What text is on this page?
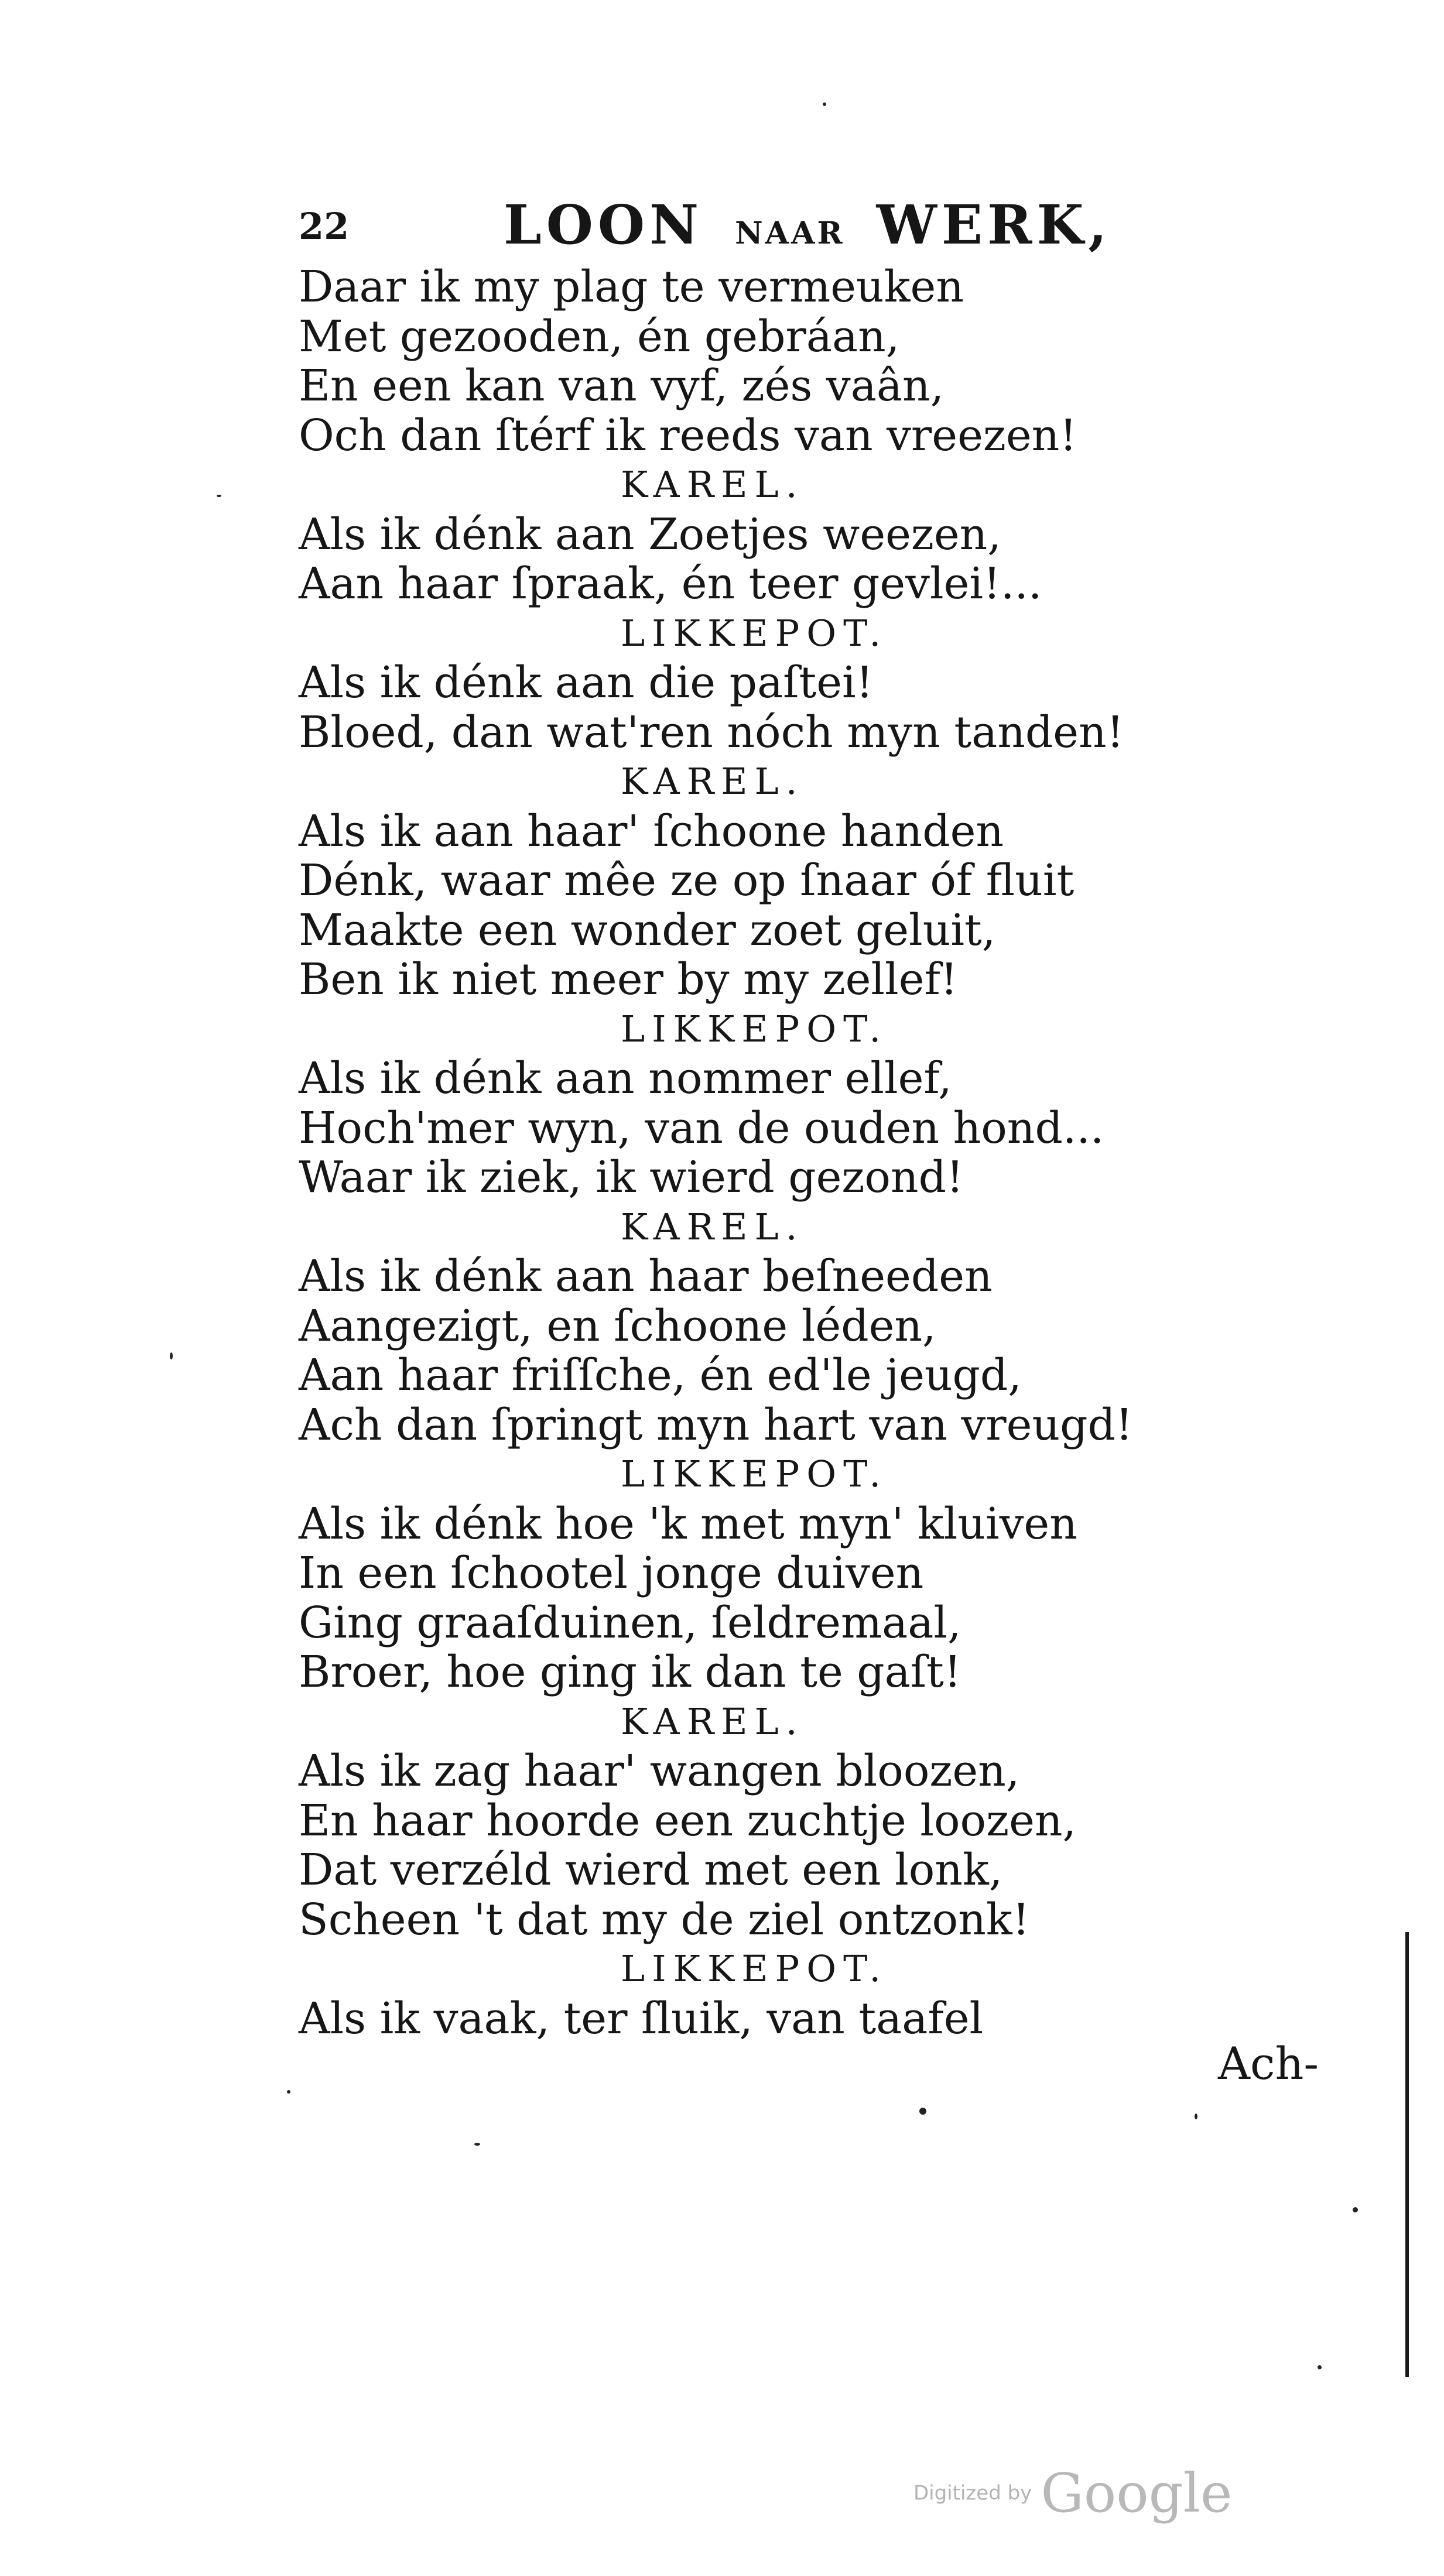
22	LOON NAAR WERK,
Daar ik my plag te vermeuken
Met gezooden, én gebráan,
En een kan van vyf, zés vaân,
Och dan ſtérf ik reeds van vreezen!
KAREL.
Als ik dénk aan Zoetjes weezen,
Aan haar ſpraak, én teer gevlei!...
LIKKEPOT.
Als ik dénk aan die paſtei!
Bloed, dan wat'ren nóch myn tanden!
KAREL.
Als ik aan haar' ſchoone handen
Dénk, waar mêe ze op ſnaar óf fluit
Maakte een wonder zoet geluit,
Ben ik niet meer by my zellef!
LIKKEPOT.
Als ik dénk aan nommer ellef,
Hoch'mer wyn, van de ouden hond...
Waar ik ziek, ik wierd gezond!
KAREL.
Als ik dénk aan haar beſneeden
Aangezigt, en ſchoone léden,
Aan haar friſſche, én ed'le jeugd,
Ach dan ſpringt myn hart van vreugd!
LIKKEPOT.
Als ik dénk hoe 'k met myn' kluiven
In een ſchootel jonge duiven
Ging graaſduinen, ſeldremaal,
Broer, hoe ging ik dan te gaſt!
KAREL.
Als ik zag haar' wangen bloozen,
En haar hoorde een zuchtje loozen,
Dat verzéld wierd met een lonk,
Scheen 't dat my de ziel ontzonk!
LIKKEPOT.
Als ik vaak, ter ſluik, van taafel
Ach-
Digitized by Google
